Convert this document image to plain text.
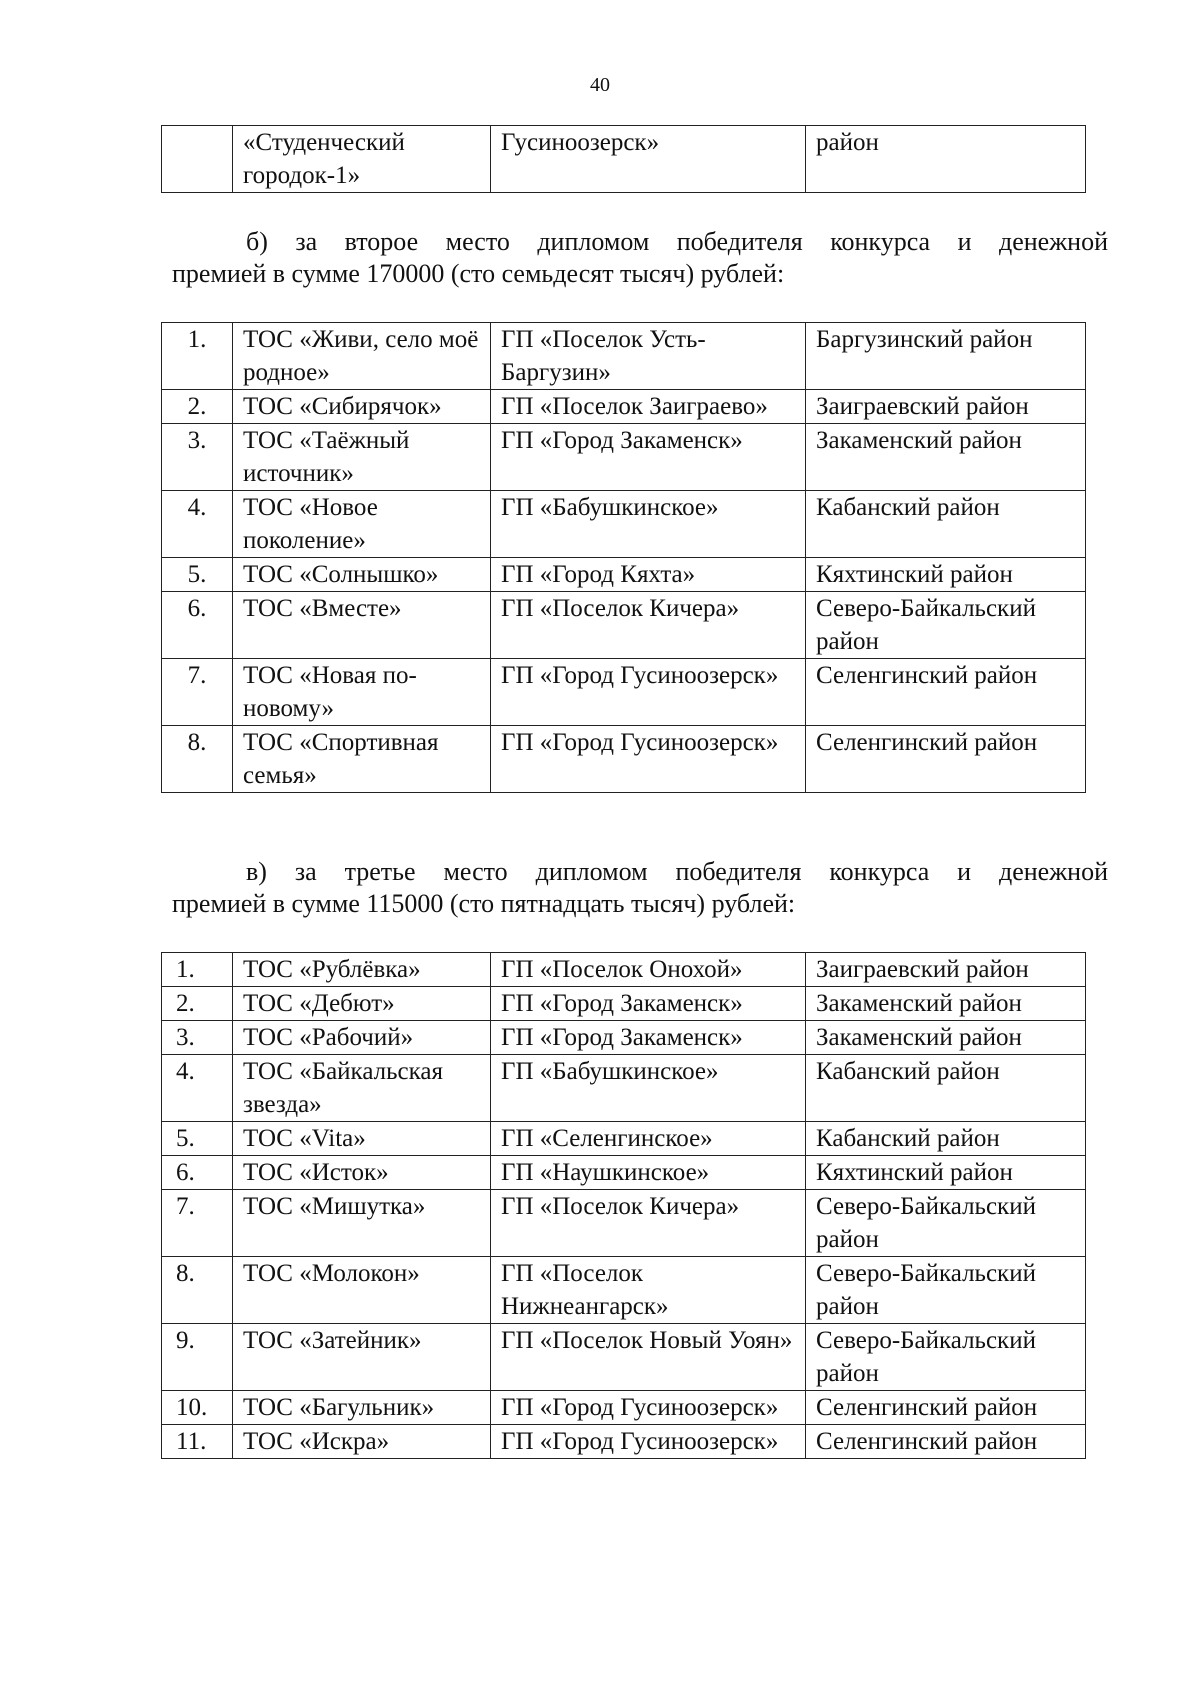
40
	«Студенческий городок-1»	Гусиноозерск»	район

б) за второе место дипломом победителя конкурса и денежной
премией в сумме 170000 (сто семьдесят тысяч) рублей:

1.	ТОС «Живи, село моё родное»	ГП «Поселок Усть-Баргузин»	Баргузинский район
2.	ТОС «Сибирячок»	ГП «Поселок Заиграево»	Заиграевский район
3.	ТОС «Таёжный источник»	ГП «Город Закаменск»	Закаменский район
4.	ТОС «Новое поколение»	ГП «Бабушкинское»	Кабанский район
5.	ТОС «Солнышко»	ГП «Город Кяхта»	Кяхтинский район
6.	ТОС «Вместе»	ГП «Поселок Кичера»	Северо-Байкальский район
7.	ТОС «Новая по-новому»	ГП «Город Гусиноозерск»	Селенгинский район
8.	ТОС «Спортивная семья»	ГП «Город Гусиноозерск»	Селенгинский район

в) за третье место дипломом победителя конкурса и денежной
премией в сумме 115000 (сто пятнадцать тысяч) рублей:

1.	ТОС «Рублёвка»	ГП «Поселок Онохой»	Заиграевский район
2.	ТОС «Дебют»	ГП «Город Закаменск»	Закаменский район
3.	ТОС «Рабочий»	ГП «Город Закаменск»	Закаменский район
4.	ТОС «Байкальская звезда»	ГП «Бабушкинское»	Кабанский район
5.	ТОС «Vita»	ГП «Селенгинское»	Кабанский район
6.	ТОС «Исток»	ГП «Наушкинское»	Кяхтинский район
7.	ТОС «Мишутка»	ГП «Поселок Кичера»	Северо-Байкальский район
8.	ТОС «Молокон»	ГП «Поселок Нижнеангарск»	Северо-Байкальский район
9.	ТОС «Затейник»	ГП «Поселок Новый Уоян»	Северо-Байкальский район
10.	ТОС «Багульник»	ГП «Город Гусиноозерск»	Селенгинский район
11.	ТОС «Искра»	ГП «Город Гусиноозерск»	Селенгинский район
